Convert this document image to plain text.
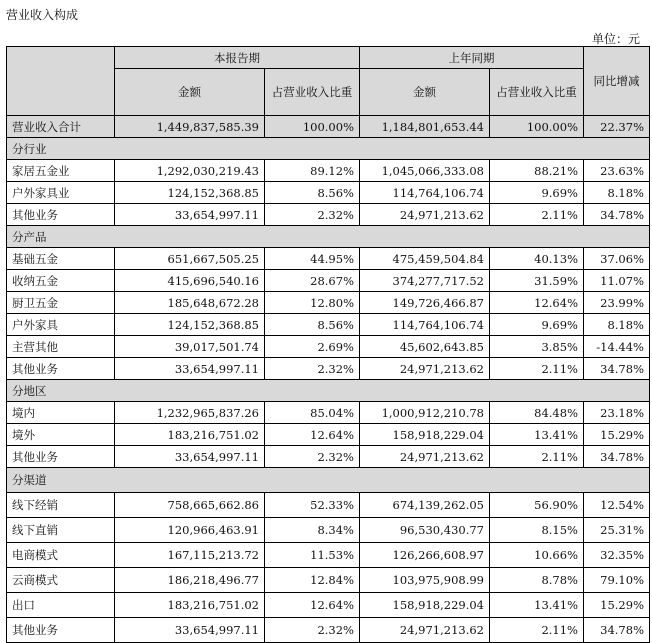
营业收入构成
单位：元
	本报告期		上年同期		同比增减
	金额	占营业收入比重	金额	占营业收入比重	
营业收入合计	1,449,837,585.39	100.00%	1,184,801,653.44	100.00%	22.37%
分行业					
家居五金业	1,292,030,219.43	89.12%	1,045,066,333.08	88.21%	23.63%
户外家具业	124,152,368.85	8.56%	114,764,106.74	9.69%	8.18%
其他业务	33,654,997.11	2.32%	24,971,213.62	2.11%	34.78%
分产品					
基础五金	651,667,505.25	44.95%	475,459,504.84	40.13%	37.06%
收纳五金	415,696,540.16	28.67%	374,277,717.52	31.59%	11.07%
厨卫五金	185,648,672.28	12.80%	149,726,466.87	12.64%	23.99%
户外家具	124,152,368.85	8.56%	114,764,106.74	9.69%	8.18%
主营其他	39,017,501.74	2.69%	45,602,643.85	3.85%	-14.44%
其他业务	33,654,997.11	2.32%	24,971,213.62	2.11%	34.78%
分地区					
境内	1,232,965,837.26	85.04%	1,000,912,210.78	84.48%	23.18%
境外	183,216,751.02	12.64%	158,918,229.04	13.41%	15.29%
其他业务	33,654,997.11	2.32%	24,971,213.62	2.11%	34.78%
分渠道					
线下经销	758,665,662.86	52.33%	674,139,262.05	56.90%	12.54%
线下直销	120,966,463.91	8.34%	96,530,430.77	8.15%	25.31%
电商模式	167,115,213.72	11.53%	126,266,608.97	10.66%	32.35%
云商模式	186,218,496.77	12.84%	103,975,908.99	8.78%	79.10%
出口	183,216,751.02	12.64%	158,918,229.04	13.41%	15.29%
其他业务	33,654,997.11	2.32%	24,971,213.62	2.11%	34.78%
